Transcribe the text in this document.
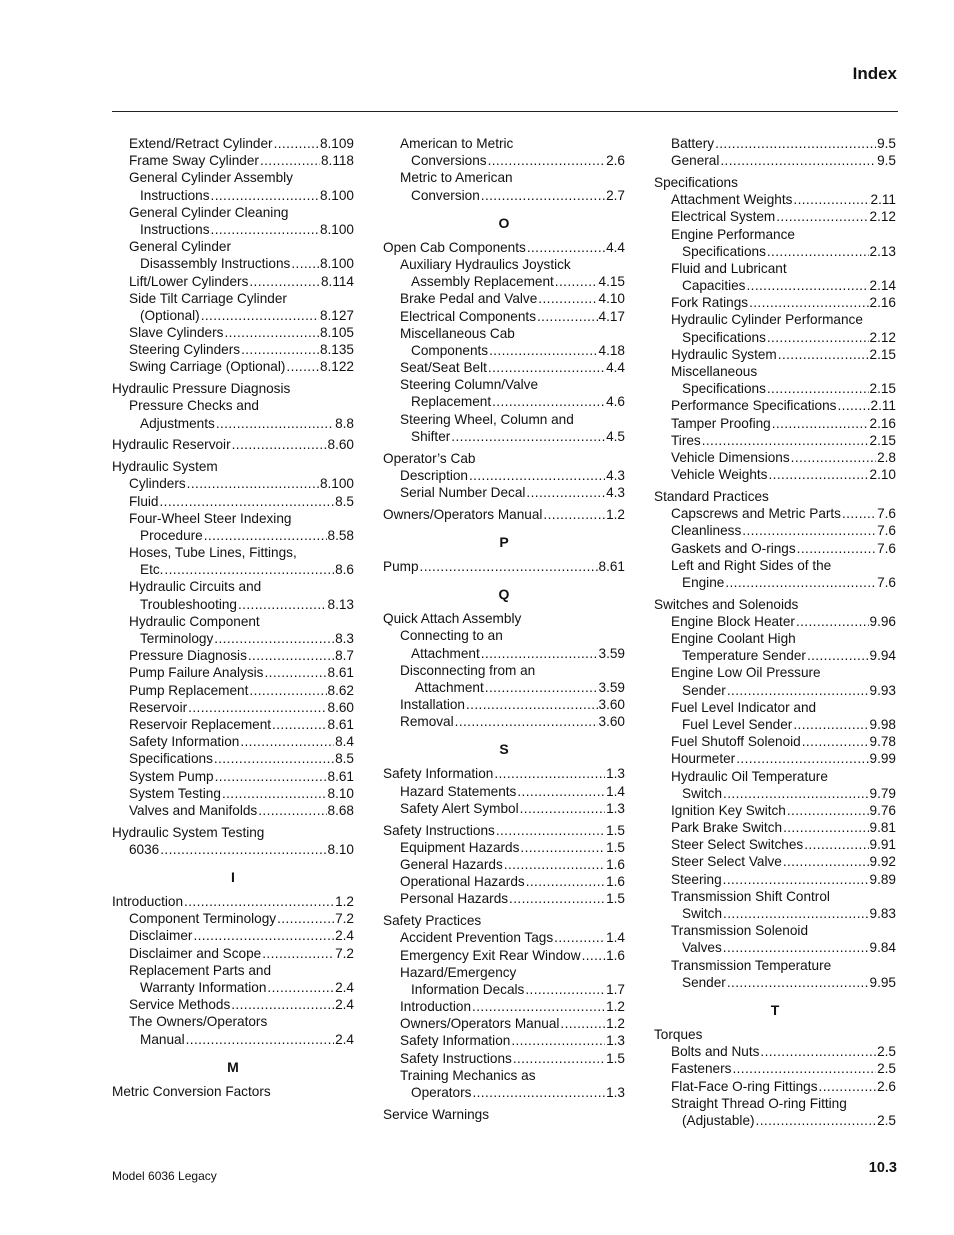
Index
Extend/Retract Cylinder .....	8.109
Frame Sway Cylinder .....	8.118
General Cylinder Assembly
Instructions .....	8.100
General Cylinder Cleaning
Instructions .....	8.100
General Cylinder
Disassembly Instructions ..... 8.100
Lift/Lower Cylinders .....	8.114
Side Tilt Carriage Cylinder
(Optional) .....	8.127
Slave Cylinders .....	8.105
Steering Cylinders .....	8.135
Swing Carriage (Optional) .....	8.122
Hydraulic Pressure Diagnosis
Pressure Checks and
Adjustments .....	8.8
Hydraulic Reservoir .....	8.60
Hydraulic System
Cylinders .....	8.100
Fluid .....	8.5
Four-Wheel Steer Indexing
Procedure .....	8.58
Hoses, Tube Lines, Fittings,
Etc. .....	8.6
Hydraulic Circuits and
Troubleshooting .....	8.13
Hydraulic Component
Terminology .....	8.3
Pressure Diagnosis .....	8.7
Pump Failure Analysis .....	8.61
Pump Replacement .....	8.62
Reservoir .....	8.60
Reservoir Replacement .....	8.61
Safety Information .....	8.4
Specifications .....	8.5
System Pump .....	8.61
System Testing .....	8.10
Valves and Manifolds .....	8.68
Hydraulic System Testing
6036 .....	8.10
I
Introduction .....	1.2
Component Terminology .....	7.2
Disclaimer .....	2.4
Disclaimer and Scope .....	7.2
Replacement Parts and
Warranty Information .....	2.4
Service Methods .....	2.4
The Owners/Operators
Manual .....	2.4
M
Metric Conversion Factors
American to Metric
Conversions .....	2.6
Metric to American
Conversion .....	2.7
O
Open Cab Components .....	4.4
Auxiliary Hydraulics Joystick
Assembly Replacement .....	4.15
Brake Pedal and Valve .....	4.10
Electrical Components .....	4.17
Miscellaneous Cab
Components .....	4.18
Seat/Seat Belt .....	4.4
Steering Column/Valve
Replacement .....	4.6
Steering Wheel, Column and
Shifter .....	4.5
Operator’s Cab
Description .....	4.3
Serial Number Decal .....	4.3
Owners/Operators Manual .....	1.2
P
Pump .....	8.61
Q
Quick Attach Assembly
Connecting to an
Attachment .....	3.59
Disconnecting from an
Attachment .....	3.59
Installation .....	3.60
Removal .....	3.60
S
Safety Information .....	1.3
Hazard Statements .....	1.4
Safety Alert Symbol .....	1.3
Safety Instructions .....	1.5
Equipment Hazards .....	1.5
General Hazards .....	1.6
Operational Hazards .....	1.6
Personal Hazards .....	1.5
Safety Practices
Accident Prevention Tags .....	1.4
Emergency Exit Rear Window ..... 1.6
Hazard/Emergency
Information Decals .....	1.7
Introduction .....	1.2
Owners/Operators Manual .....	1.2
Safety Information .....	1.3
Safety Instructions .....	1.5
Training Mechanics as
Operators .....	1.3
Service Warnings
Battery .....	9.5
General .....	9.5
Specifications
Attachment Weights .....	2.11
Electrical System .....	2.12
Engine Performance
Specifications .....	2.13
Fluid and Lubricant
Capacities .....	2.14
Fork Ratings .....	2.16
Hydraulic Cylinder Performance
Specifications .....	2.12
Hydraulic System .....	2.15
Miscellaneous
Specifications .....	2.15
Performance Specifications .....	2.11
Tamper Proofing .....	2.16
Tires .....	2.15
Vehicle Dimensions .....	2.8
Vehicle Weights .....	2.10
Standard Practices
Capscrews and Metric Parts .....	7.6
Cleanliness .....	7.6
Gaskets and O-rings .....	7.6
Left and Right Sides of the
Engine .....	7.6
Switches and Solenoids
Engine Block Heater .....	9.96
Engine Coolant High
Temperature Sender .....	9.94
Engine Low Oil Pressure
Sender .....	9.93
Fuel Level Indicator and
Fuel Level Sender .....	9.98
Fuel Shutoff Solenoid .....	9.78
Hourmeter .....	9.99
Hydraulic Oil Temperature
Switch .....	9.79
Ignition Key Switch .....	9.76
Park Brake Switch .....	9.81
Steer Select Switches .....	9.91
Steer Select Valve .....	9.92
Steering .....	9.89
Transmission Shift Control
Switch .....	9.83
Transmission Solenoid
Valves .....	9.84
Transmission Temperature
Sender .....	9.95
T
Torques
Bolts and Nuts .....	2.5
Fasteners .....	2.5
Flat-Face O-ring Fittings .....	2.6
Straight Thread O-ring Fitting
(Adjustable) .....	2.5
Model 6036 Legacy	10.3
